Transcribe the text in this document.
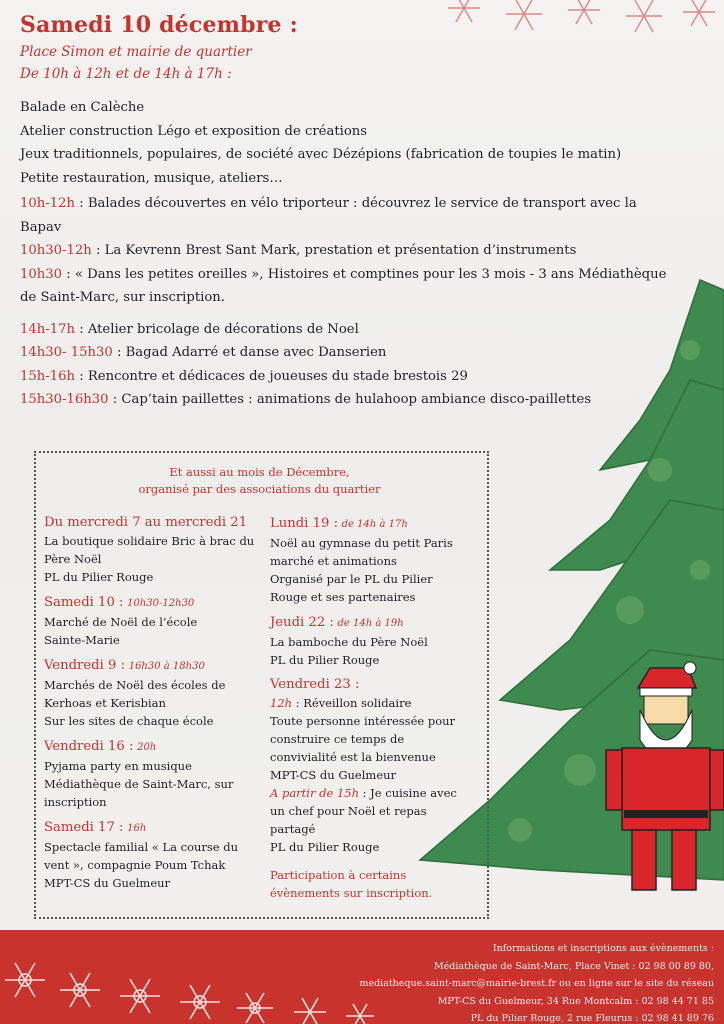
Samedi 10 décembre :
Place Simon et mairie de quartier
De 10h à 12h et de 14h à 17h :
Balade en Calèche
Atelier construction Légo et exposition de créations
Jeux traditionnels, populaires, de société avec Dézépions (fabrication de toupies le matin)
Petite restauration, musique, ateliers…
10h-12h : Balades découvertes en vélo triporteur : découvrez le service de transport avec la Bapav
10h30-12h : La Kevrenn Brest Sant Mark, prestation et présentation d’instruments
10h30 : « Dans les petites oreilles », Histoires et comptines pour les 3 mois - 3 ans Médiathèque de Saint-Marc, sur inscription.
14h-17h : Atelier bricolage de décorations de Noel
14h30- 15h30 : Bagad Adarré et danse avec Danserien
15h-16h : Rencontre et dédicaces de joueuses du stade brestois 29
15h30-16h30 : Cap’tain paillettes : animations de hulahoop ambiance disco-paillettes
Et aussi au mois de Décembre,
organisé par des associations du quartier
Du mercredi 7 au mercredi 21
La boutique solidaire Bric à brac du
Père Noël
PL du Pilier Rouge
Samedi 10 : 10h30-12h30
Marché de Noël de l’école
Sainte-Marie
Vendredi 9 : 16h30 à 18h30
Marchés de Noël des écoles de
Kerhoas et Kerisbian
Sur les sites de chaque école
Vendredi 16 : 20h
Pyjama party en musique
Médiathèque de Saint-Marc, sur
inscription
Samedi 17 : 16h
Spectacle familial « La course du
vent », compagnie Poum Tchak
MPT-CS du Guelmeur
Lundi 19 : de 14h à 17h
Noël au gymnase du petit Paris
marché et animations
Organisé par le PL du Pilier
Rouge et ses partenaires
Jeudi 22 : de 14h à 19h
La bamboche du Père Noël
PL du Pilier Rouge
Vendredi 23 :
12h : Réveillon solidaire
Toute personne intéressée pour
construire ce temps de
convivialité est la bienvenue
MPT-CS du Guelmeur
A partir de 15h : Je cuisine avec
un chef pour Noël et repas
partagé
PL du Pilier Rouge
Participation à certains
évènements sur inscription.
Informations et inscriptions aux évènements :
Médiathèque de Saint-Marc, Place Vinet : 02 98 00 89 80,
mediatheque.saint-marc@mairie-brest.fr ou en ligne sur le site du réseau
MPT-CS du Guelmeur, 34 Rue Montcalm : 02 98 44 71 85
PL du Pilier Rouge, 2 rue Fleurus : 02 98 41 89 76
